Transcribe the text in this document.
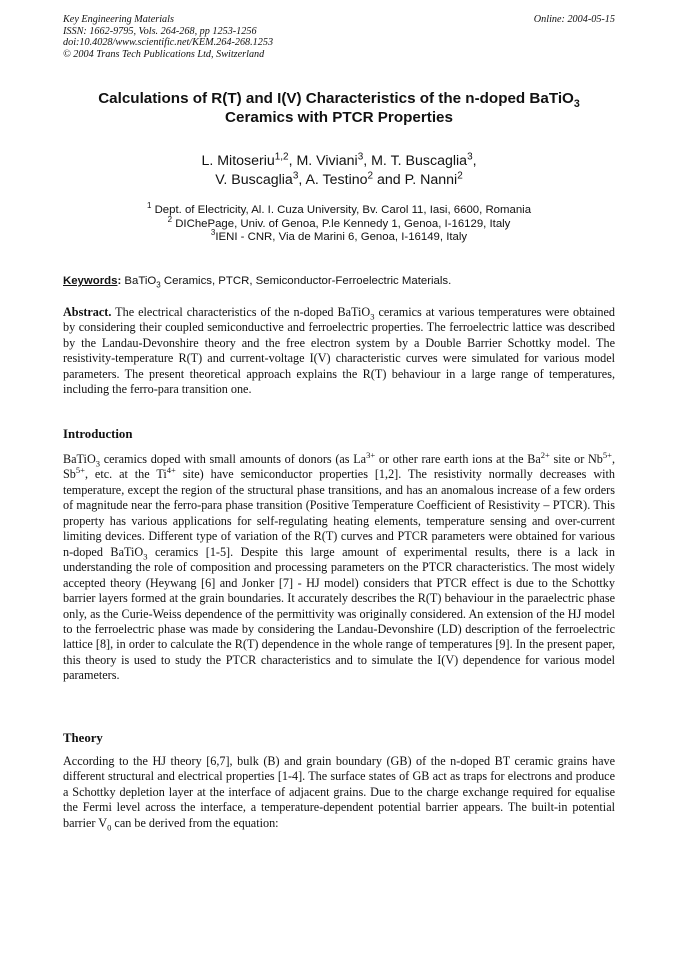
Key Engineering Materials
ISSN: 1662-9795, Vols. 264-268, pp 1253-1256
doi:10.4028/www.scientific.net/KEM.264-268.1253
© 2004 Trans Tech Publications Ltd, Switzerland
Online: 2004-05-15
Calculations of R(T) and I(V) Characteristics of the n-doped BaTiO$_3$
Ceramics with PTCR Properties
L. Mitoseriu$^{1,2}$, M. Viviani$^3$, M. T. Buscaglia$^3$,
V. Buscaglia$^3$, A. Testino$^2$ and P. Nanni$^2$
$^1$ Dept. of Electricity, Al. I. Cuza University, Bv. Carol 11, Iasi, 6600, Romania
$^2$ DIChePage, Univ. of Genoa, P.le Kennedy 1, Genoa, I-16129, Italy
$^3$IENI - CNR, Via de Marini 6, Genoa, I-16149, Italy
Keywords: BaTiO$_3$ Ceramics, PTCR, Semiconductor-Ferroelectric Materials.
Abstract. The electrical characteristics of the n-doped BaTiO$_3$ ceramics at various temperatures were obtained by considering their coupled semiconductive and ferroelectric properties. The ferroelectric lattice was described by the Landau-Devonshire theory and the free electron system by a Double Barrier Schottky model. The resistivity-temperature R(T) and current-voltage I(V) characteristic curves were simulated for various model parameters. The present theoretical approach explains the R(T) behaviour in a large range of temperatures, including the ferro-para transition one.
Introduction
BaTiO$_3$ ceramics doped with small amounts of donors (as $La^{3+}$ or other rare earth ions at the $Ba^{2+}$ site or $Nb^{5+}$, $Sb^{5+}$, etc. at the $Ti^{4+}$ site) have semiconductor properties [1,2]. The resistivity normally decreases with temperature, except the region of the structural phase transitions, and has an anomalous increase of a few orders of magnitude near the ferro-para phase transition (Positive Temperature Coefficient of Resistivity – PTCR). This property has various applications for self-regulating heating elements, temperature sensing and over-current limiting devices. Different type of variation of the R(T) curves and PTCR parameters were obtained for various n-doped BaTiO$_3$ ceramics [1-5]. Despite this large amount of experimental results, there is a lack in understanding the role of composition and processing parameters on the PTCR characteristics. The most widely accepted theory (Heywang [6] and Jonker [7] - HJ model) considers that PTCR effect is due to the Schottky barrier layers formed at the grain boundaries. It accurately describes the R(T) behaviour in the paraelectric phase only, as the Curie-Weiss dependence of the permittivity was originally considered. An extension of the HJ model to the ferroelectric phase was made by considering the Landau-Devonshire (LD) description of the ferroelectric lattice [8], in order to calculate the R(T) dependence in the whole range of temperatures [9]. In the present paper, this theory is used to study the PTCR characteristics and to simulate the I(V) dependence for various model parameters.
Theory
According to the HJ theory [6,7], bulk (B) and grain boundary (GB) of the n-doped BT ceramic grains have different structural and electrical properties [1-4]. The surface states of GB act as traps for electrons and produce a Schottky depletion layer at the interface of adjacent grains. Due to the charge exchange required for equalise the Fermi level across the interface, a temperature-dependent potential barrier appears. The built-in potential barrier $V_0$ can be derived from the equation:
